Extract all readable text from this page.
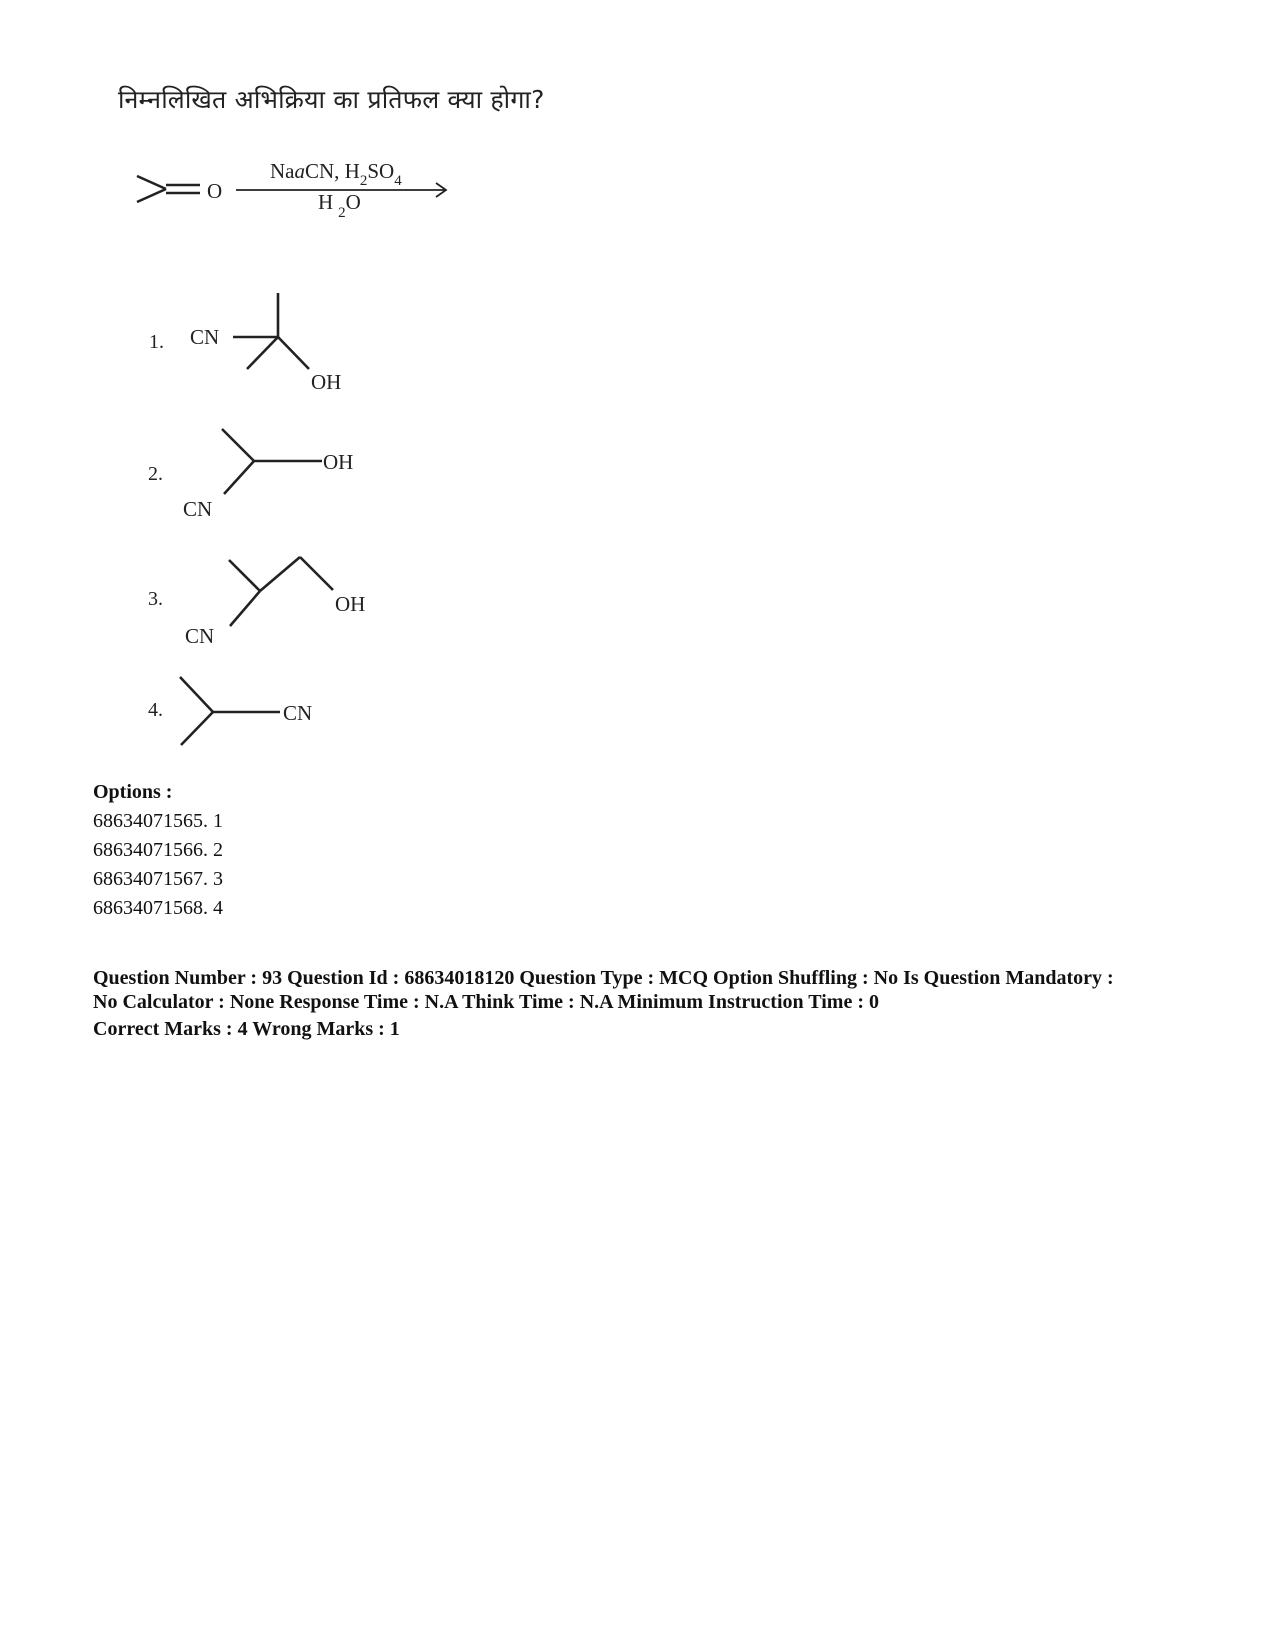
निम्नलिखित अभिक्रिया का प्रतिफल क्या होगा?
O
NaaCN, $H_2SO_4$
H $_2$O
1. CN
OH
2.	OH
CN
3.	OH
CN
4.	CN
Options :
68634071565. 1
68634071566. 2
68634071567. 3
68634071568. 4
Question Number : 93 Question Id : 68634018120 Question Type : MCQ Option Shuffling : No Is Question Mandatory :
No Calculator : None Response Time : N.A Think Time : N.A Minimum Instruction Time : 0
Correct Marks : 4 Wrong Marks : 1
